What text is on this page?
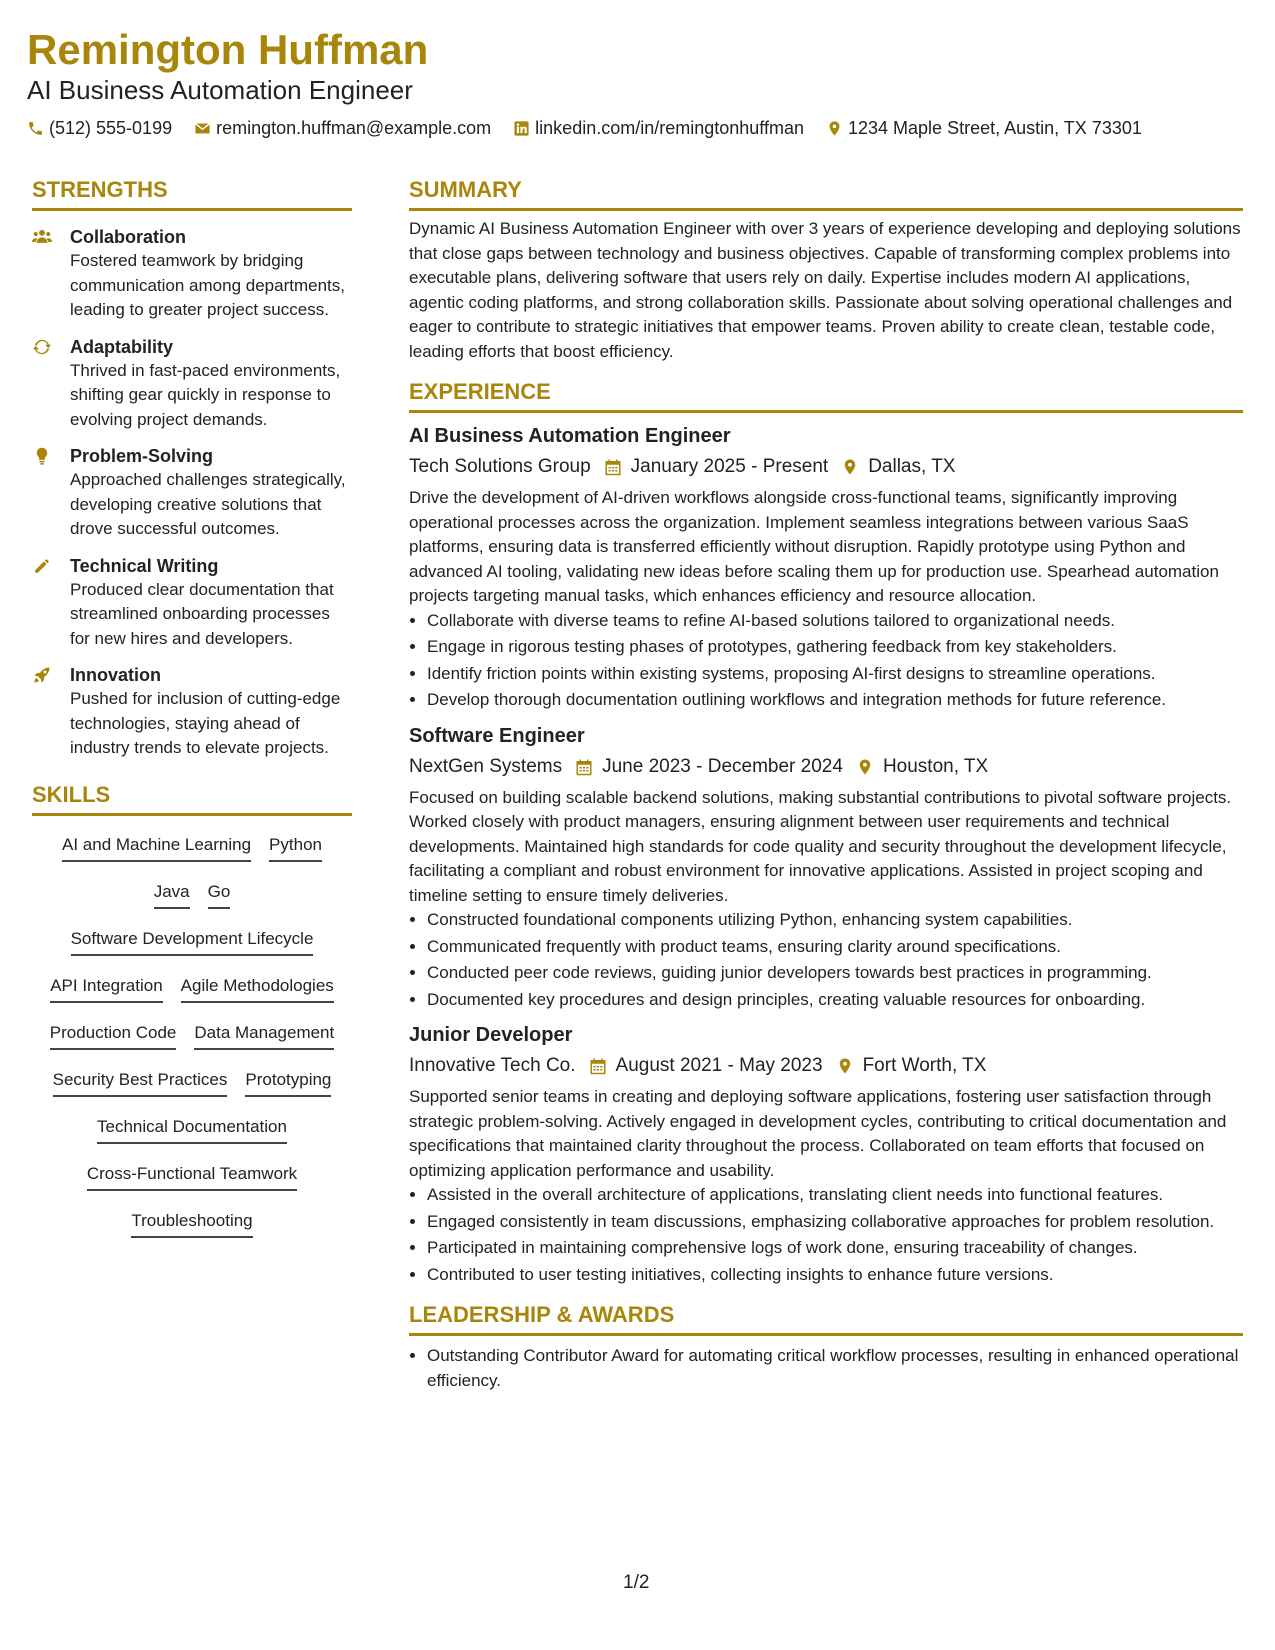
Remington Huffman
AI Business Automation Engineer
(512) 555-0199 remington.huffman@example.com linkedin.com/in/remingtonhuffman 1234 Maple Street, Austin, TX 73301
STRENGTHS
Collaboration
Fostered teamwork by bridging communication among departments, leading to greater project success.
Adaptability
Thrived in fast-paced environments, shifting gear quickly in response to evolving project demands.
Problem-Solving
Approached challenges strategically, developing creative solutions that drove successful outcomes.
Technical Writing
Produced clear documentation that streamlined onboarding processes for new hires and developers.
Innovation
Pushed for inclusion of cutting-edge technologies, staying ahead of industry trends to elevate projects.
SKILLS
AI and Machine Learning Python
Java Go
Software Development Lifecycle
API Integration Agile Methodologies
Production Code Data Management
Security Best Practices Prototyping
Technical Documentation
Cross-Functional Teamwork
Troubleshooting
SUMMARY
Dynamic AI Business Automation Engineer with over 3 years of experience developing and deploying solutions that close gaps between technology and business objectives. Capable of transforming complex problems into executable plans, delivering software that users rely on daily. Expertise includes modern AI applications, agentic coding platforms, and strong collaboration skills. Passionate about solving operational challenges and eager to contribute to strategic initiatives that empower teams. Proven ability to create clean, testable code, leading efforts that boost efficiency.
EXPERIENCE
AI Business Automation Engineer
Tech Solutions Group January 2025 - Present Dallas, TX
Drive the development of AI-driven workflows alongside cross-functional teams, significantly improving operational processes across the organization. Implement seamless integrations between various SaaS platforms, ensuring data is transferred efficiently without disruption. Rapidly prototype using Python and advanced AI tooling, validating new ideas before scaling them up for production use. Spearhead automation projects targeting manual tasks, which enhances efficiency and resource allocation.
• Collaborate with diverse teams to refine AI-based solutions tailored to organizational needs.
• Engage in rigorous testing phases of prototypes, gathering feedback from key stakeholders.
• Identify friction points within existing systems, proposing AI-first designs to streamline operations.
• Develop thorough documentation outlining workflows and integration methods for future reference.
Software Engineer
NextGen Systems June 2023 - December 2024 Houston, TX
Focused on building scalable backend solutions, making substantial contributions to pivotal software projects. Worked closely with product managers, ensuring alignment between user requirements and technical developments. Maintained high standards for code quality and security throughout the development lifecycle, facilitating a compliant and robust environment for innovative applications. Assisted in project scoping and timeline setting to ensure timely deliveries.
• Constructed foundational components utilizing Python, enhancing system capabilities.
• Communicated frequently with product teams, ensuring clarity around specifications.
• Conducted peer code reviews, guiding junior developers towards best practices in programming.
• Documented key procedures and design principles, creating valuable resources for onboarding.
Junior Developer
Innovative Tech Co. August 2021 - May 2023 Fort Worth, TX
Supported senior teams in creating and deploying software applications, fostering user satisfaction through strategic problem-solving. Actively engaged in development cycles, contributing to critical documentation and specifications that maintained clarity throughout the process. Collaborated on team efforts that focused on optimizing application performance and usability.
• Assisted in the overall architecture of applications, translating client needs into functional features.
• Engaged consistently in team discussions, emphasizing collaborative approaches for problem resolution.
• Participated in maintaining comprehensive logs of work done, ensuring traceability of changes.
• Contributed to user testing initiatives, collecting insights to enhance future versions.
LEADERSHIP & AWARDS
• Outstanding Contributor Award for automating critical workflow processes, resulting in enhanced operational efficiency.
1/2
